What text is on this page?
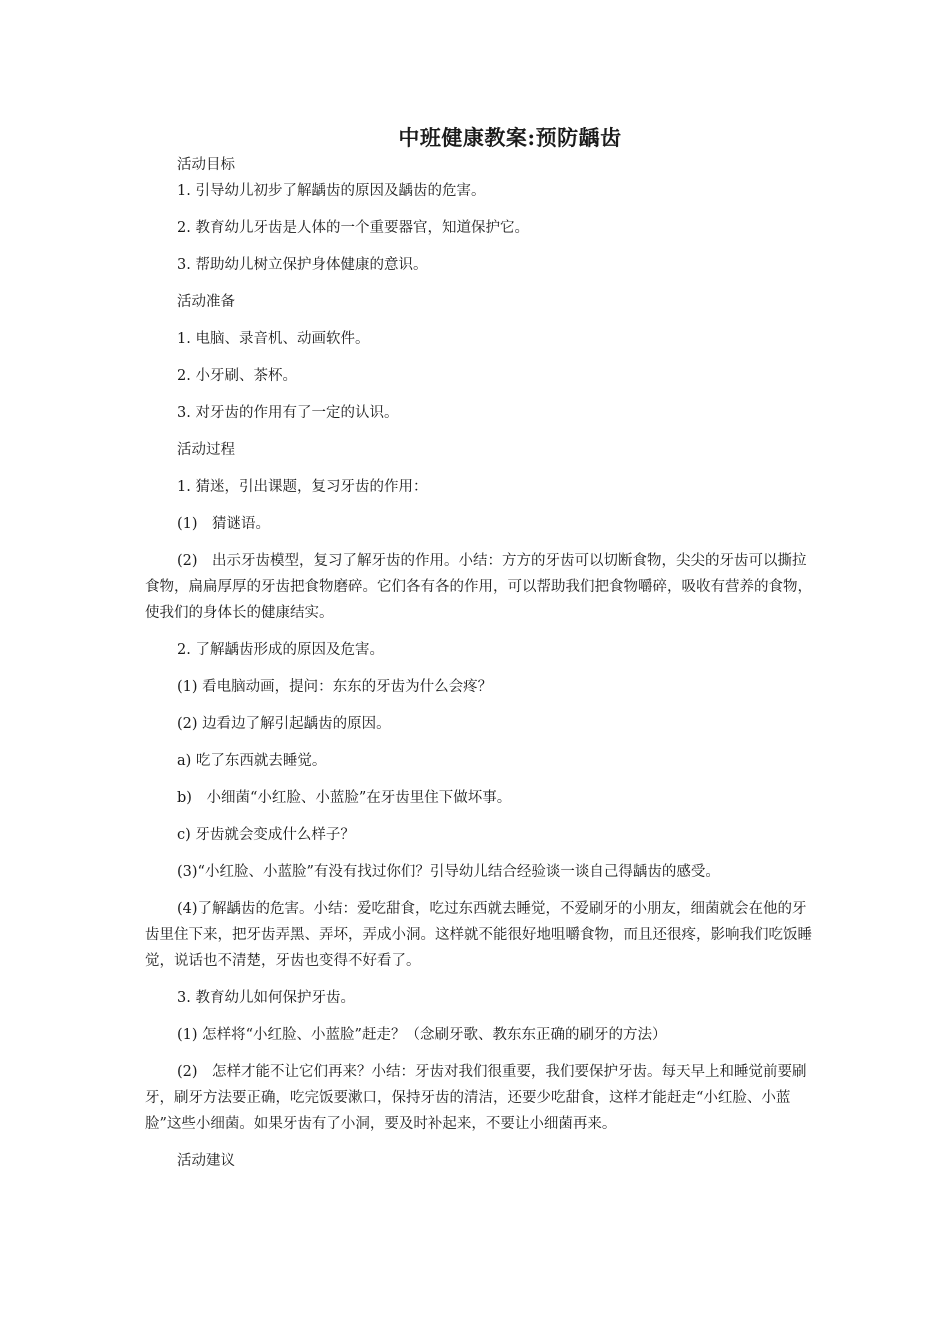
中班健康教案:预防龋齿

活动目标

1. 引导幼儿初步了解龋齿的原因及龋齿的危害。

2. 教育幼儿牙齿是人体的一个重要器官，知道保护它。

3. 帮助幼儿树立保护身体健康的意识。

活动准备

1. 电脑、录音机、动画软件。

2. 小牙刷、茶杯。

3. 对牙齿的作用有了一定的认识。

活动过程

1. 猜迷，引出课题，复习牙齿的作用：

(1)　猜谜语。

(2)　出示牙齿模型，复习了解牙齿的作用。小结：方方的牙齿可以切断食物，尖尖的牙齿可以撕拉食物，扁扁厚厚的牙齿把食物磨碎。它们各有各的作用，可以帮助我们把食物嚼碎，吸收有营养的食物，使我们的身体长的健康结实。

2. 了解龋齿形成的原因及危害。

(1) 看电脑动画，提问：东东的牙齿为什么会疼？

(2) 边看边了解引起龋齿的原因。

a) 吃了东西就去睡觉。

b)　小细菌“小红脸、小蓝脸”在牙齿里住下做坏事。

c) 牙齿就会变成什么样子？

(3)“小红脸、小蓝脸”有没有找过你们？引导幼儿结合经验谈一谈自己得龋齿的感受。

(4)了解龋齿的危害。小结：爱吃甜食，吃过东西就去睡觉，不爱刷牙的小朋友，细菌就会在他的牙齿里住下来，把牙齿弄黑、弄坏，弄成小洞。这样就不能很好地咀嚼食物，而且还很疼，影响我们吃饭睡觉，说话也不清楚，牙齿也变得不好看了。

3. 教育幼儿如何保护牙齿。

(1) 怎样将“小红脸、小蓝脸”赶走？（念刷牙歌、教东东正确的刷牙的方法）

(2)　怎样才能不让它们再来？小结：牙齿对我们很重要，我们要保护牙齿。每天早上和睡觉前要刷牙，刷牙方法要正确，吃完饭要漱口，保持牙齿的清洁，还要少吃甜食，这样才能赶走“小红脸、小蓝脸”这些小细菌。如果牙齿有了小洞，要及时补起来，不要让小细菌再来。

活动建议
